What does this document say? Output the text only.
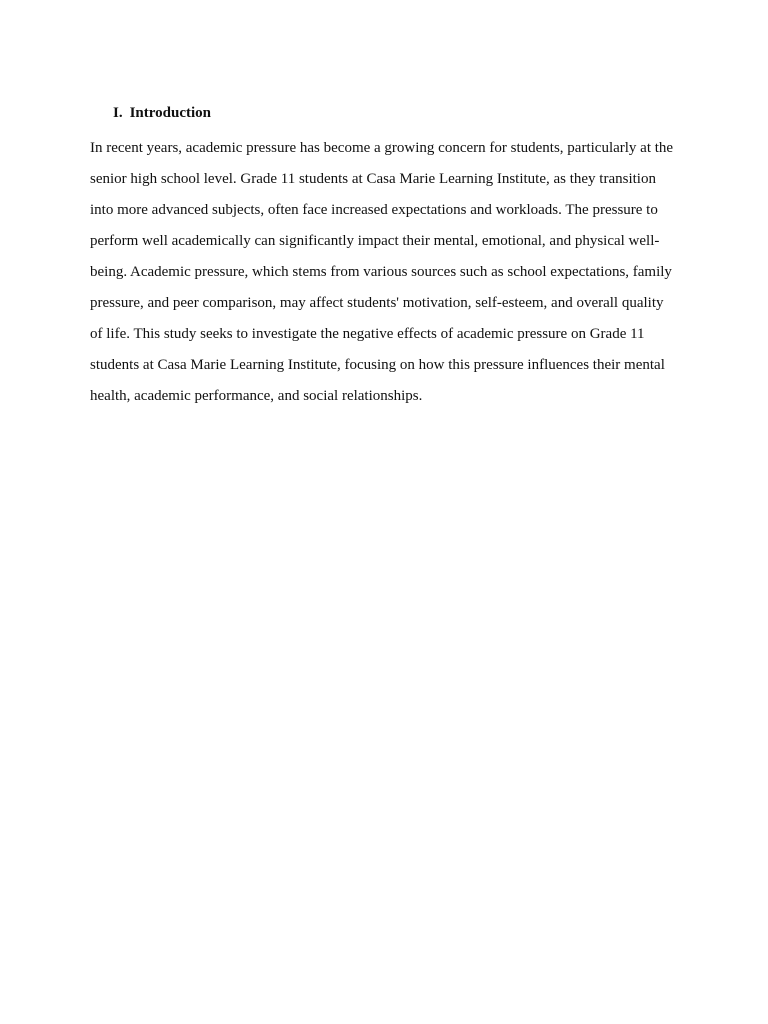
I. Introduction

In recent years, academic pressure has become a growing concern for students, particularly at the
senior high school level. Grade 11 students at Casa Marie Learning Institute, as they transition
into more advanced subjects, often face increased expectations and workloads. The pressure to
perform well academically can significantly impact their mental, emotional, and physical well-
being. Academic pressure, which stems from various sources such as school expectations, family
pressure, and peer comparison, may affect students' motivation, self-esteem, and overall quality
of life. This study seeks to investigate the negative effects of academic pressure on Grade 11
students at Casa Marie Learning Institute, focusing on how this pressure influences their mental
health, academic performance, and social relationships.
